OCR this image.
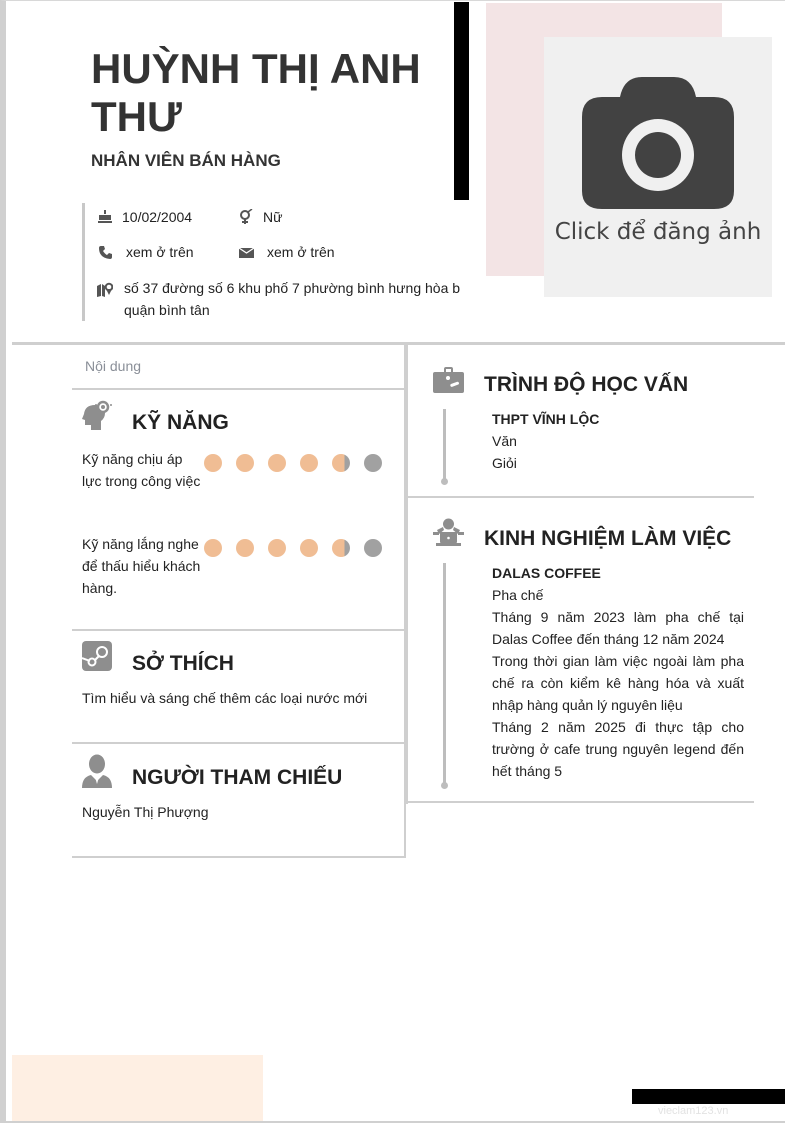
HUỲNH THỊ ANH THƯ
NHÂN VIÊN BÁN HÀNG
Click để đăng ảnh
10/02/2004	Nữ
xem ở trên	xem ở trên
số 37 đường số 6 khu phố 7 phường bình hưng hòa b quận bình tân
Nội dung
KỸ NĂNG
Kỹ năng chịu áp lực trong công việc
Kỹ năng lắng nghe để thấu hiểu khách hàng.
SỞ THÍCH
Tìm hiểu và sáng chế thêm các loại nước mới
NGƯỜI THAM CHIẾU
Nguyễn Thị Phượng
TRÌNH ĐỘ HỌC VẤN
THPT VĨNH LỘC
Văn
Giỏi
KINH NGHIỆM LÀM VIỆC
DALAS COFFEE
Pha chế
Tháng 9 năm 2023 làm pha chế tại Dalas Coffee đến tháng 12 năm 2024
Trong thời gian làm việc ngoài làm pha chế ra còn kiểm kê hàng hóa và xuất nhập hàng quản lý nguyên liệu
Tháng 2 năm 2025 đi thực tập cho trường ở cafe trung nguyên legend đến hết tháng 5
vieclam123.vn
